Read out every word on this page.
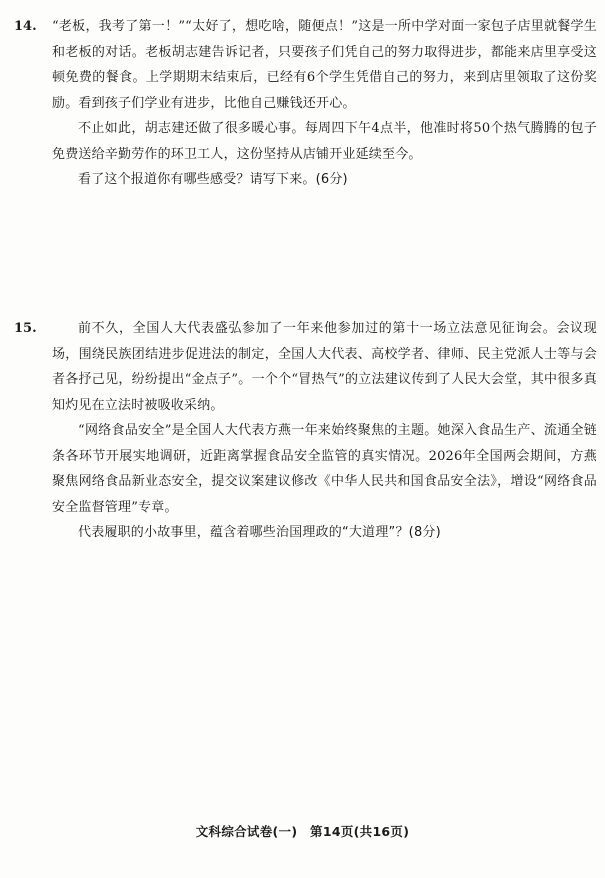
14. “老板，我考了第一！”“太好了，想吃啥，随便点！”这是一所中学对面一家包子店里就餐学生和老板的对话。老板胡志建告诉记者，只要孩子们凭自己的努力取得进步，都能来店里享受这顿免费的餐食。上学期期末结束后，已经有6个学生凭借自己的努力，来到店里领取了这份奖励。看到孩子们学业有进步，比他自己赚钱还开心。

不止如此，胡志建还做了很多暖心事。每周四下午4点半，他准时将50个热气腾腾的包子免费送给辛勤劳作的环卫工人，这份坚持从店铺开业延续至今。

看了这个报道你有哪些感受？请写下来。(6分)

15.	前不久，全国人大代表盛弘参加了一年来他参加过的第十一场立法意见征询会。会议现场，围绕民族团结进步促进法的制定，全国人大代表、高校学者、律师、民主党派人士等与会者各抒己见，纷纷提出“金点子”。一个个“冒热气”的立法建议传到了人民大会堂，其中很多真知灼见在立法时被吸收采纳。

“网络食品安全”是全国人大代表方燕一年来始终聚焦的主题。她深入食品生产、流通全链条各环节开展实地调研，近距离掌握食品安全监管的真实情况。2026年全国两会期间，方燕聚焦网络食品新业态安全，提交议案建议修改《中华人民共和国食品安全法》，增设“网络食品安全监督管理”专章。

代表履职的小故事里，蕴含着哪些治国理政的“大道理”？(8分)

文科综合试卷(一) 第14页(共16页)
